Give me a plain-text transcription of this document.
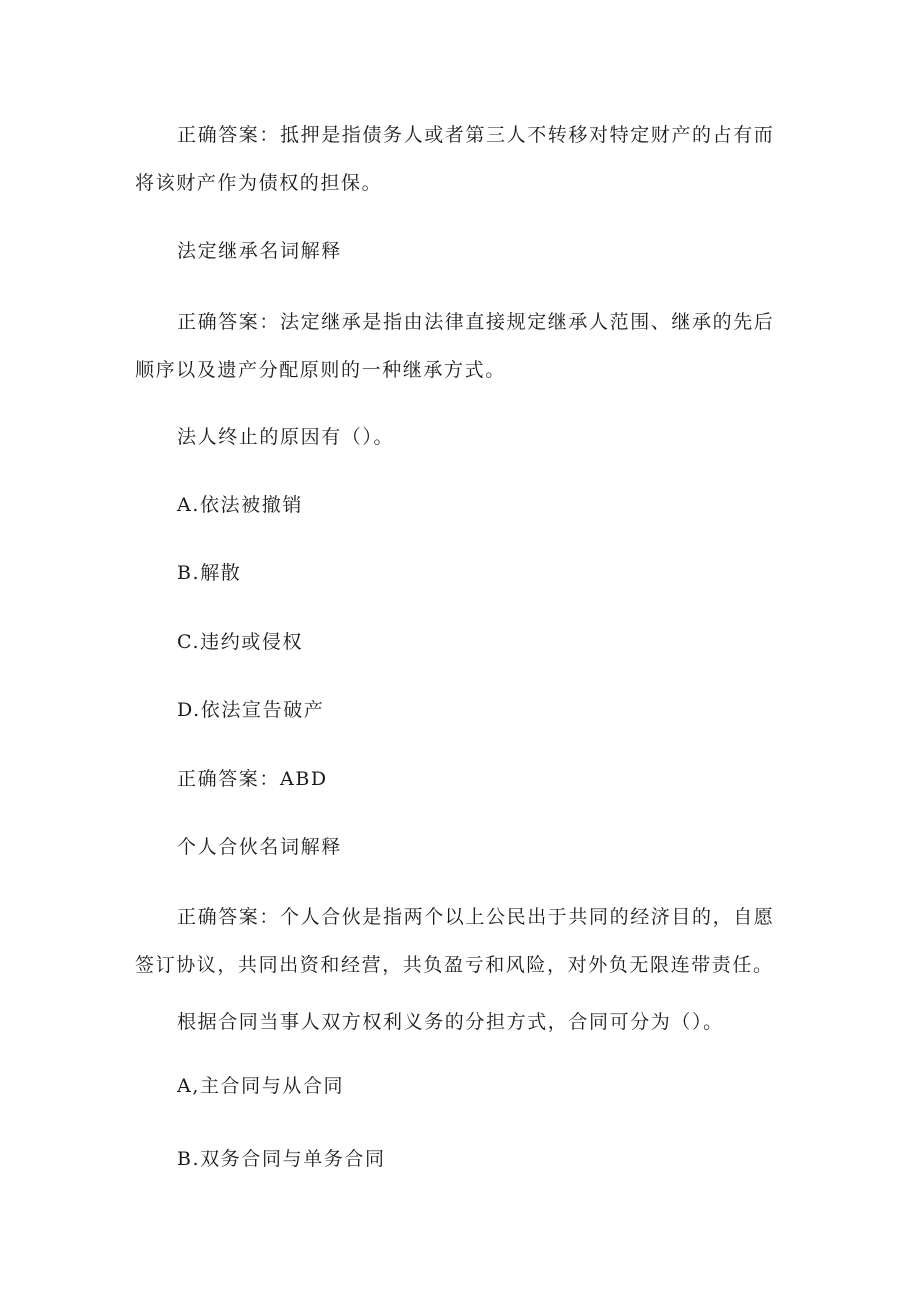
正确答案：抵押是指债务人或者第三人不转移对特定财产的占有而将该财产作为债权的担保。

法定继承名词解释

正确答案：法定继承是指由法律直接规定继承人范围、继承的先后顺序以及遗产分配原则的一种继承方式。

法人终止的原因有（）。

A.依法被撤销

B.解散

C.违约或侵权

D.依法宣告破产

正确答案：ABD

个人合伙名词解释

正确答案：个人合伙是指两个以上公民出于共同的经济目的，自愿签订协议，共同出资和经营，共负盈亏和风险，对外负无限连带责任。

根据合同当事人双方权利义务的分担方式，合同可分为（）。

A,主合同与从合同

B.双务合同与单务合同
